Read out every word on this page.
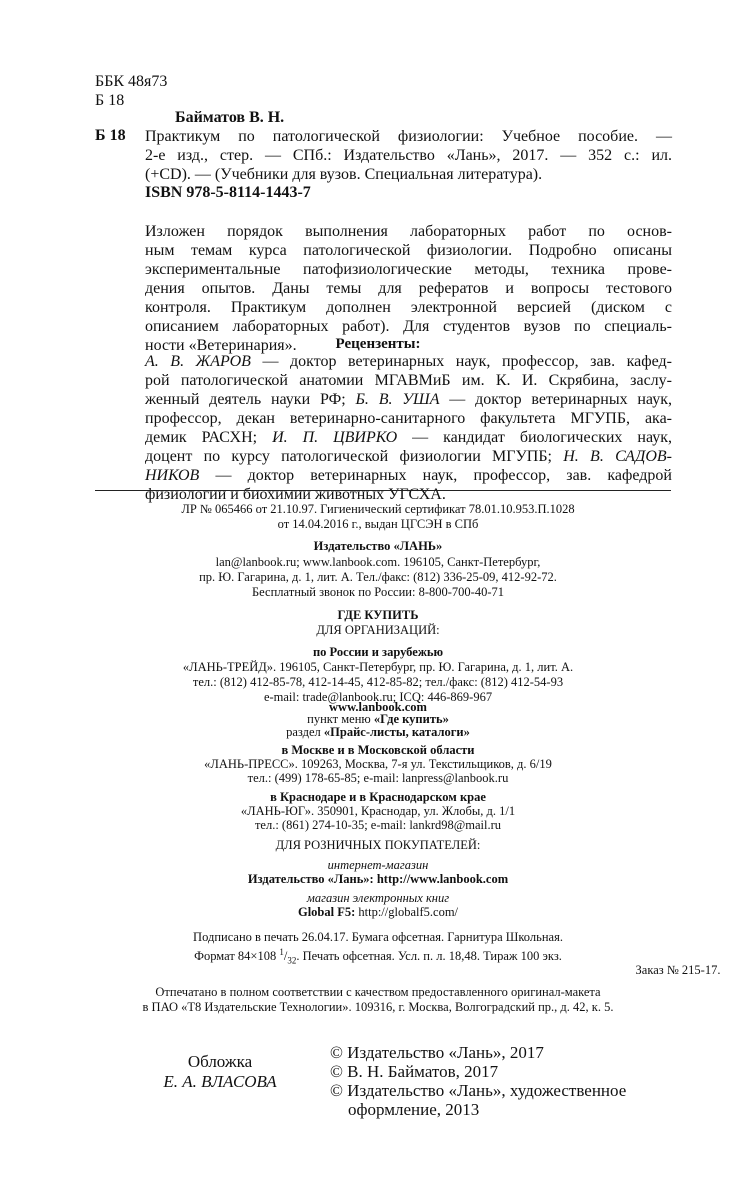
ББК 48я73
Б 18
Байматов В. Н.
Б 18 Практикум по патологической физиологии: Учебное пособие. —
2-е изд., стер. — СПб.: Издательство «Лань», 2017. — 352 с.: ил.
(+CD). — (Учебники для вузов. Специальная литература).
ISBN 978-5-8114-1443-7
Изложен порядок выполнения лабораторных работ по основ-
ным темам курса патологической физиологии. Подробно описаны
экспериментальные патофизиологические методы, техника прове-
дения опытов. Даны темы для рефератов и вопросы тестового
контроля. Практикум дополнен электронной версией (диском с
описанием лабораторных работ). Для студентов вузов по специаль-
ности «Ветеринария».	Рецензенты:
А. В. ЖАРОВ — доктор ветеринарных наук, профессор, зав. кафед-
рой патологической анатомии МГАВМиБ им. К. И. Скрябина, заслу-
женный деятель науки РФ; Б. В. УША — доктор ветеринарных наук,
профессор, декан ветеринарно-санитарного факультета МГУПБ, ака-
демик РАСХН; И. П. ЦВИРКО — кандидат биологических наук,
доцент по курсу патологической физиологии МГУПБ; Н. В. САДОВ-
НИКОВ — доктор ветеринарных наук, профессор, зав. кафедрой
физиологии и биохимии животных УГСХА.
ЛР № 065466 от 21.10.97. Гигиенический сертификат 78.01.10.953.П.1028
от 14.04.2016 г., выдан ЦГСЭН в СПб
Издательство «ЛАНЬ»
lan@lanbook.ru; www.lanbook.com. 196105, Санкт-Петербург,
пр. Ю. Гагарина, д. 1, лит. А. Тел./факс: (812) 336-25-09, 412-92-72.
Бесплатный звонок по России: 8-800-700-40-71
ГДЕ КУПИТЬ
ДЛЯ ОРГАНИЗАЦИЙ:
по России и зарубежью
«ЛАНЬ-ТРЕЙД». 196105, Санкт-Петербург, пр. Ю. Гагарина, д. 1, лит. А.
тел.: (812) 412-85-78, 412-14-45, 412-85-82; тел./факс: (812) 412-54-93
e-mail: trade@lanbook.ru; ICQ: 446-869-967
www.lanbook.com
пункт меню «Где купить»
раздел «Прайс-листы, каталоги»
в Москве и в Московской области
«ЛАНЬ-ПРЕСС». 109263, Москва, 7-я ул. Текстильщиков, д. 6/19
тел.: (499) 178-65-85; e-mail: lanpress@lanbook.ru
в Краснодаре и в Краснодарском крае
«ЛАНЬ-ЮГ». 350901, Краснодар, ул. Жлобы, д. 1/1
тел.: (861) 274-10-35; e-mail: lankrd98@mail.ru
ДЛЯ РОЗНИЧНЫХ ПОКУПАТЕЛЕЙ:
интернет-магазин
Издательство «Лань»: http://www.lanbook.com
магазин электронных книг
Global F5: http://globalf5.com/
Подписано в печать 26.04.17. Бумага офсетная. Гарнитура Школьная.
Формат 84×108 $^1/_{32}$. Печать офсетная. Усл. п. л. 18,48. Тираж 100 экз.
Заказ № 215-17.
Отпечатано в полном соответствии с качеством предоставленного оригинал-макета
в ПАО «Т8 Издательские Технологии». 109316, г. Москва, Волгоградский пр., д. 42, к. 5.
Обложка
Е. А. ВЛАСОВА
© Издательство «Лань», 2017
© В. Н. Байматов, 2017
© Издательство «Лань», художественное
оформление, 2013
